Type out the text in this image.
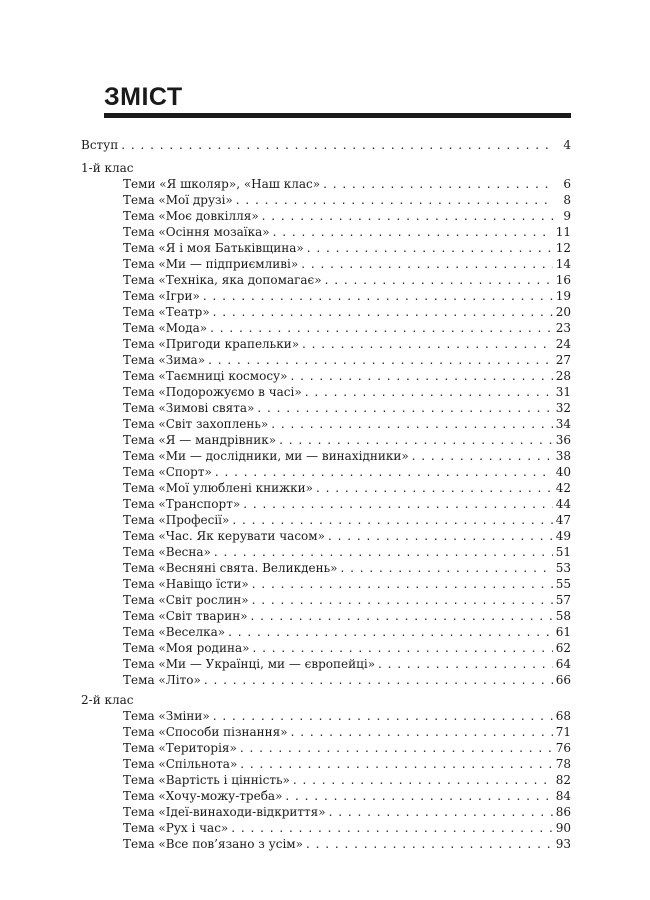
ЗМІСТ
Вступ . . .	4
1-й клас
Теми «Я школяр», «Наш клас» . . .	6
Тема «Мої друзі» . . .	8
Тема «Моє довкілля» . . .	9
Тема «Осіння мозаїка» . . .	11
Тема «Я і моя Батьківщина» . . .	12
Тема «Ми — підприємливі» . . .	14
Тема «Техніка, яка допомагає» . . .	16
Тема «Ігри» . . .	19
Тема «Театр» . . .	20
Тема «Мода» . . .	23
Тема «Пригоди крапельки» . . .	24
Тема «Зима» . . .	27
Тема «Таємниці космосу» . . .	28
Тема «Подорожуємо в часі» . . .	31
Тема «Зимові свята» . . .	32
Тема «Світ захоплень» . . .	34
Тема «Я — мандрівник» . . .	36
Тема «Ми — дослідники, ми — винахідники» . . .	38
Тема «Спорт» . . .	40
Тема «Мої улюблені книжки» . . .	42
Тема «Транспорт» . . .	44
Тема «Професії» . . .	47
Тема «Час. Як керувати часом» . . .	49
Тема «Весна» . . .	51
Тема «Весняні свята. Великдень» . . .	53
Тема «Навіщо їсти» . . .	55
Тема «Світ рослин» . . .	57
Тема «Світ тварин» . . .	58
Тема «Веселка» . . .	61
Тема «Моя родина» . . .	62
Тема «Ми — Українці, ми — європейці» . . .	64
Тема «Літо» . . .	66
2-й клас
Тема «Зміни» . . .	68
Тема «Способи пізнання» . . .	71
Тема «Територія» . . .	76
Тема «Спільнота» . . .	78
Тема «Вартість і цінність» . . .	82
Тема «Хочу-можу-треба» . . .	84
Тема «Ідеї-винаходи-відкриття» . . .	86
Тема «Рух і час» . . .	90
Тема «Все пов’язано з усім» . . .	93
